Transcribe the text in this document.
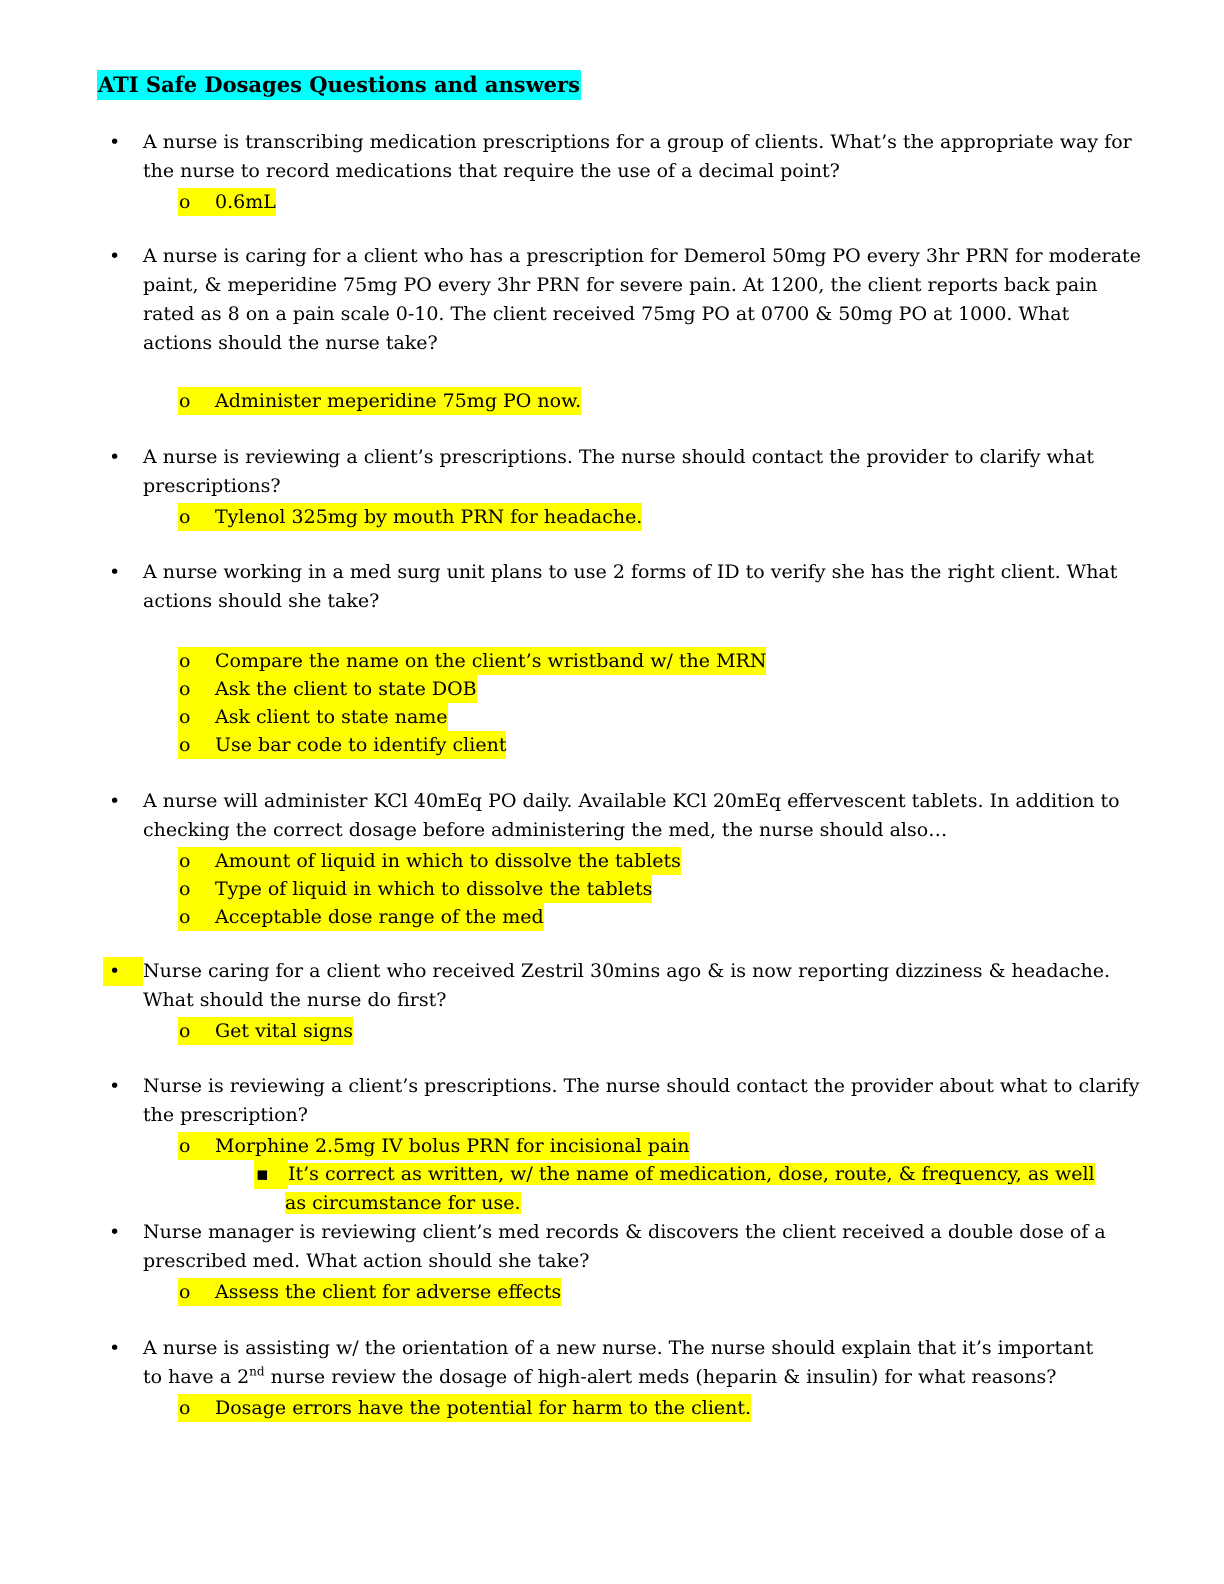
ATI Safe Dosages Questions and answers
•	A nurse is transcribing medication prescriptions for a group of clients. What’s the appropriate way for the nurse to record medications that require the use of a decimal point?

o 0.6mL
•	A nurse is caring for a client who has a prescription for Demerol 50mg PO every 3hr PRN for moderate paint, & meperidine 75mg PO every 3hr PRN for severe pain. At 1200, the client reports back pain rated as 8 on a pain scale 0-10. The client received 75mg PO at 0700 & 50mg PO at 1000. What actions should the nurse take?

o Administer meperidine 75mg PO now.
•	A nurse is reviewing a client’s prescriptions. The nurse should contact the provider to clarify what prescriptions?

o Tylenol 325mg by mouth PRN for headache.
•	A nurse working in a med surg unit plans to use 2 forms of ID to verify she has the right client. What actions should she take?

o Compare the name on the client’s wristband w/ the MRN
o Ask the client to state DOB
o Ask client to state name
o Use bar code to identify client
•	A nurse will administer KCl 40mEq PO daily. Available KCl 20mEq effervescent tablets. In addition to checking the correct dosage before administering the med, the nurse should also…

o Amount of liquid in which to dissolve the tablets
o Type of liquid in which to dissolve the tablets
o Acceptable dose range of the med
•	Nurse caring for a client who received Zestril 30mins ago & is now reporting dizziness & headache. What should the nurse do first?

o Get vital signs
•	Nurse is reviewing a client’s prescriptions. The nurse should contact the provider about what to clarify the prescription?

o Morphine 2.5mg IV bolus PRN for incisional pain
▪ It’s correct as written, w/ the name of medication, dose, route, & frequency, as well
as circumstance for use.
•	Nurse manager is reviewing client’s med records & discovers the client received a double dose of a prescribed med. What action should she take?

o Assess the client for adverse effects
•	A nurse is assisting w/ the orientation of a new nurse. The nurse should explain that it’s important
to have a 2nd nurse review the dosage of high-alert meds (heparin & insulin) for what reasons?

o Dosage errors have the potential for harm to the client.
